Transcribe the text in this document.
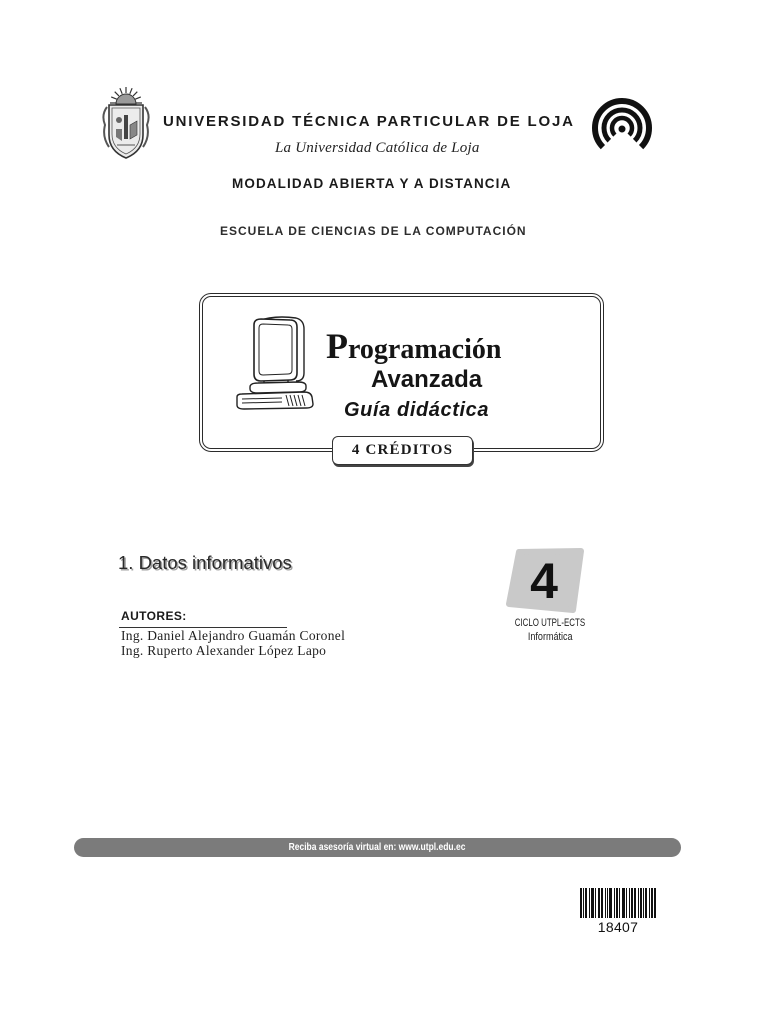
UNIVERSIDAD TÉCNICA PARTICULAR DE LOJA
La Universidad Católica de Loja
MODALIDAD ABIERTA Y A DISTANCIA
ESCUELA DE CIENCIAS DE LA COMPUTACIÓN
Programación
Avanzada
Guía didáctica
4 CRÉDITOS
1. Datos informativos	4
CICLO UTPL-ECTS
Informática
AUTORES:
Ing. Daniel Alejandro Guamán Coronel
Ing. Ruperto Alexander López Lapo
Reciba asesoría virtual en: www.utpl.edu.ec
18407
